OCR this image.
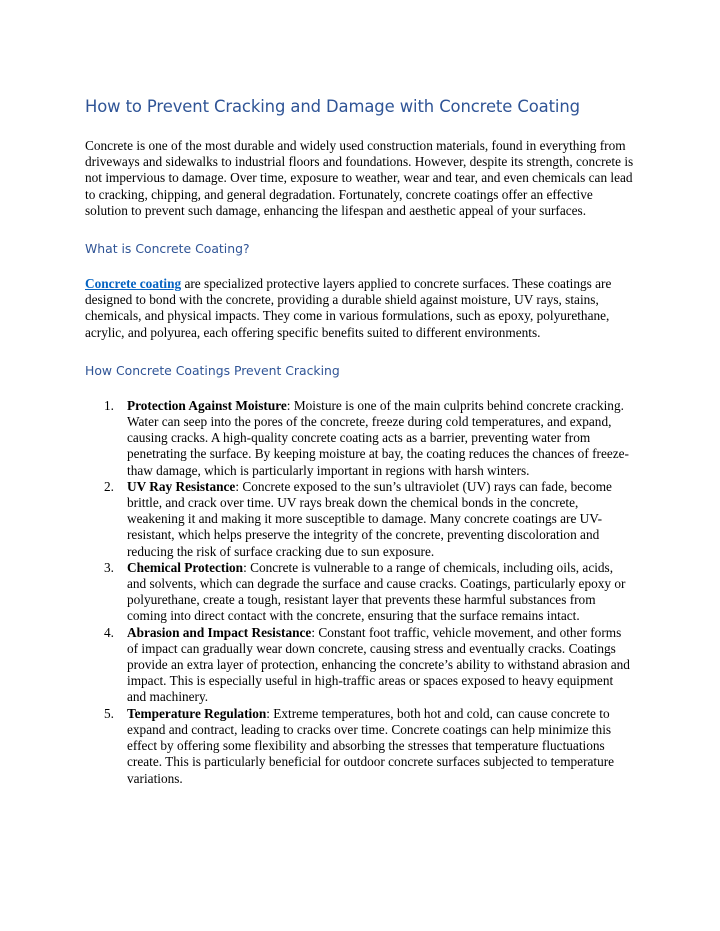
How to Prevent Cracking and Damage with Concrete Coating

Concrete is one of the most durable and widely used construction materials, found in everything from driveways and sidewalks to industrial floors and foundations. However, despite its strength, concrete is not impervious to damage. Over time, exposure to weather, wear and tear, and even chemicals can lead to cracking, chipping, and general degradation. Fortunately, concrete coatings offer an effective solution to prevent such damage, enhancing the lifespan and aesthetic appeal of your surfaces.

What is Concrete Coating?

Concrete coating are specialized protective layers applied to concrete surfaces. These coatings are designed to bond with the concrete, providing a durable shield against moisture, UV rays, stains, chemicals, and physical impacts. They come in various formulations, such as epoxy, polyurethane, acrylic, and polyurea, each offering specific benefits suited to different environments.

How Concrete Coatings Prevent Cracking
1. Protection Against Moisture: Moisture is one of the main culprits behind concrete cracking. Water can seep into the pores of the concrete, freeze during cold temperatures, and expand, causing cracks. A high-quality concrete coating acts as a barrier, preventing water from penetrating the surface. By keeping moisture at bay, the coating reduces the chances of freeze-thaw damage, which is particularly important in regions with harsh winters.
2. UV Ray Resistance: Concrete exposed to the sun’s ultraviolet (UV) rays can fade, become brittle, and crack over time. UV rays break down the chemical bonds in the concrete, weakening it and making it more susceptible to damage. Many concrete coatings are UV-resistant, which helps preserve the integrity of the concrete, preventing discoloration and reducing the risk of surface cracking due to sun exposure.
3. Chemical Protection: Concrete is vulnerable to a range of chemicals, including oils, acids, and solvents, which can degrade the surface and cause cracks. Coatings, particularly epoxy or polyurethane, create a tough, resistant layer that prevents these harmful substances from coming into direct contact with the concrete, ensuring that the surface remains intact.
4. Abrasion and Impact Resistance: Constant foot traffic, vehicle movement, and other forms of impact can gradually wear down concrete, causing stress and eventually cracks. Coatings provide an extra layer of protection, enhancing the concrete’s ability to withstand abrasion and impact. This is especially useful in high-traffic areas or spaces exposed to heavy equipment and machinery.
5. Temperature Regulation: Extreme temperatures, both hot and cold, can cause concrete to expand and contract, leading to cracks over time. Concrete coatings can help minimize this effect by offering some flexibility and absorbing the stresses that temperature fluctuations create. This is particularly beneficial for outdoor concrete surfaces subjected to temperature variations.
